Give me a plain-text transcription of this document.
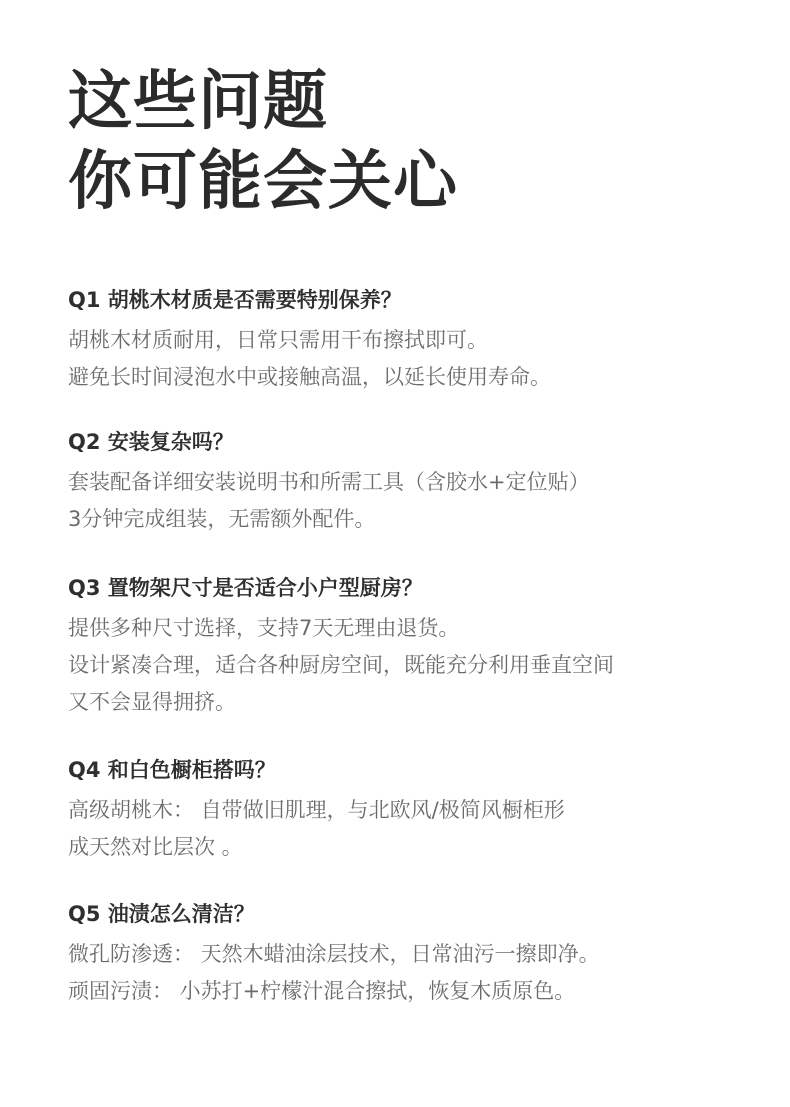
这些问题
你可能会关心
Q1 胡桃木材质是否需要特别保养？
胡桃木材质耐用，日常只需用干布擦拭即可。
避免长时间浸泡水中或接触高温，以延长使用寿命。
Q2 安装复杂吗？
套装配备详细安装说明书和所需工具（含胶水+定位贴）
3分钟完成组装，无需额外配件。
Q3 置物架尺寸是否适合小户型厨房？
提供多种尺寸选择，支持7天无理由退货。
设计紧凑合理，适合各种厨房空间，既能充分利用垂直空间
又不会显得拥挤。
Q4 和白色橱柜搭吗？
高级胡桃木： 自带做旧肌理，与北欧风/极简风橱柜形
成天然对比层次 。
Q5 油渍怎么清洁？
微孔防渗透： 天然木蜡油涂层技术，日常油污一擦即净。
顽固污渍： 小苏打+柠檬汁混合擦拭，恢复木质原色。
